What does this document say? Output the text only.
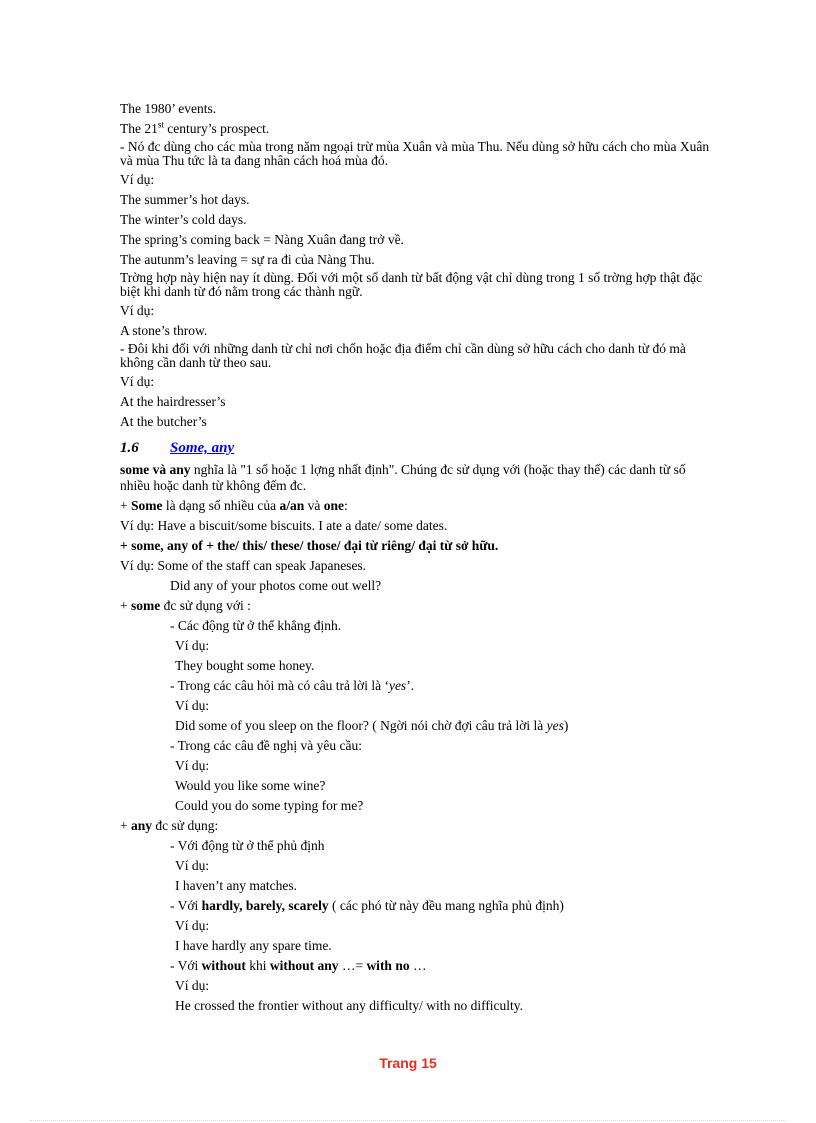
The 1980’ events.

The 21st century’s prospect.

- Nó đc dùng cho các mùa trong năm ngoại trừ mùa Xuân và mùa Thu. Nếu dùng sở hữu cách cho mùa Xuân và mùa Thu tức là ta đang nhân cách hoá mùa đó.

Ví dụ:

The summer’s hot days.

The winter’s cold days.

The spring’s coming back = Nàng Xuân đang trở về.

The autunm’s leaving = sự ra đi của Nàng Thu.

Trờng hợp này hiện nay ít dùng. Đối với một số danh từ bất động vật chỉ dùng trong 1 số trờng hợp thật đặc biệt khi danh từ đó nằm trong các thành ngữ.

Ví dụ:

A stone’s throw.

- Đôi khi đối với những danh từ chỉ nơi chốn hoặc địa điểm chỉ cần dùng sở hữu cách cho danh từ đó mà không cần danh từ theo sau.

Ví dụ:

At the hairdresser’s

At the butcher’s

1.6 Some, any

some và any nghĩa là "1 số hoặc 1 lợng nhất định". Chúng đc sử dụng với (hoặc thay thế) các danh từ số nhiều hoặc danh từ không đếm đc.

+ Some là dạng số nhiều của a/an và one:

Ví dụ: Have a biscuit/some biscuits. I ate a date/ some dates.

+ some, any of + the/ this/ these/ those/ đại từ riêng/ đại từ sở hữu.

Ví dụ: Some of the staff can speak Japaneses.

Did any of your photos come out well?

+ some đc sử dụng với :

- Các động từ ở thể khẳng định.

Ví dụ:

They bought some honey.

- Trong các câu hỏi mà có câu trả lời là ‘yes’.

Ví dụ:

Did some of you sleep on the floor? ( Ngời nói chờ đợi câu trả lời là yes)

- Trong các câu đề nghị và yêu cầu:

Ví dụ:

Would you like some wine?

Could you do some typing for me?

+ any đc sử dụng:

- Với động từ ở thể phủ định

Ví dụ:

I haven’t any matches.

- Với hardly, barely, scarely ( các phó từ này đều mang nghĩa phủ định)

Ví dụ:

I have hardly any spare time.

- Với without khi without any …= with no …

Ví dụ:

He crossed the frontier without any difficulty/ with no difficulty.

Trang 15
